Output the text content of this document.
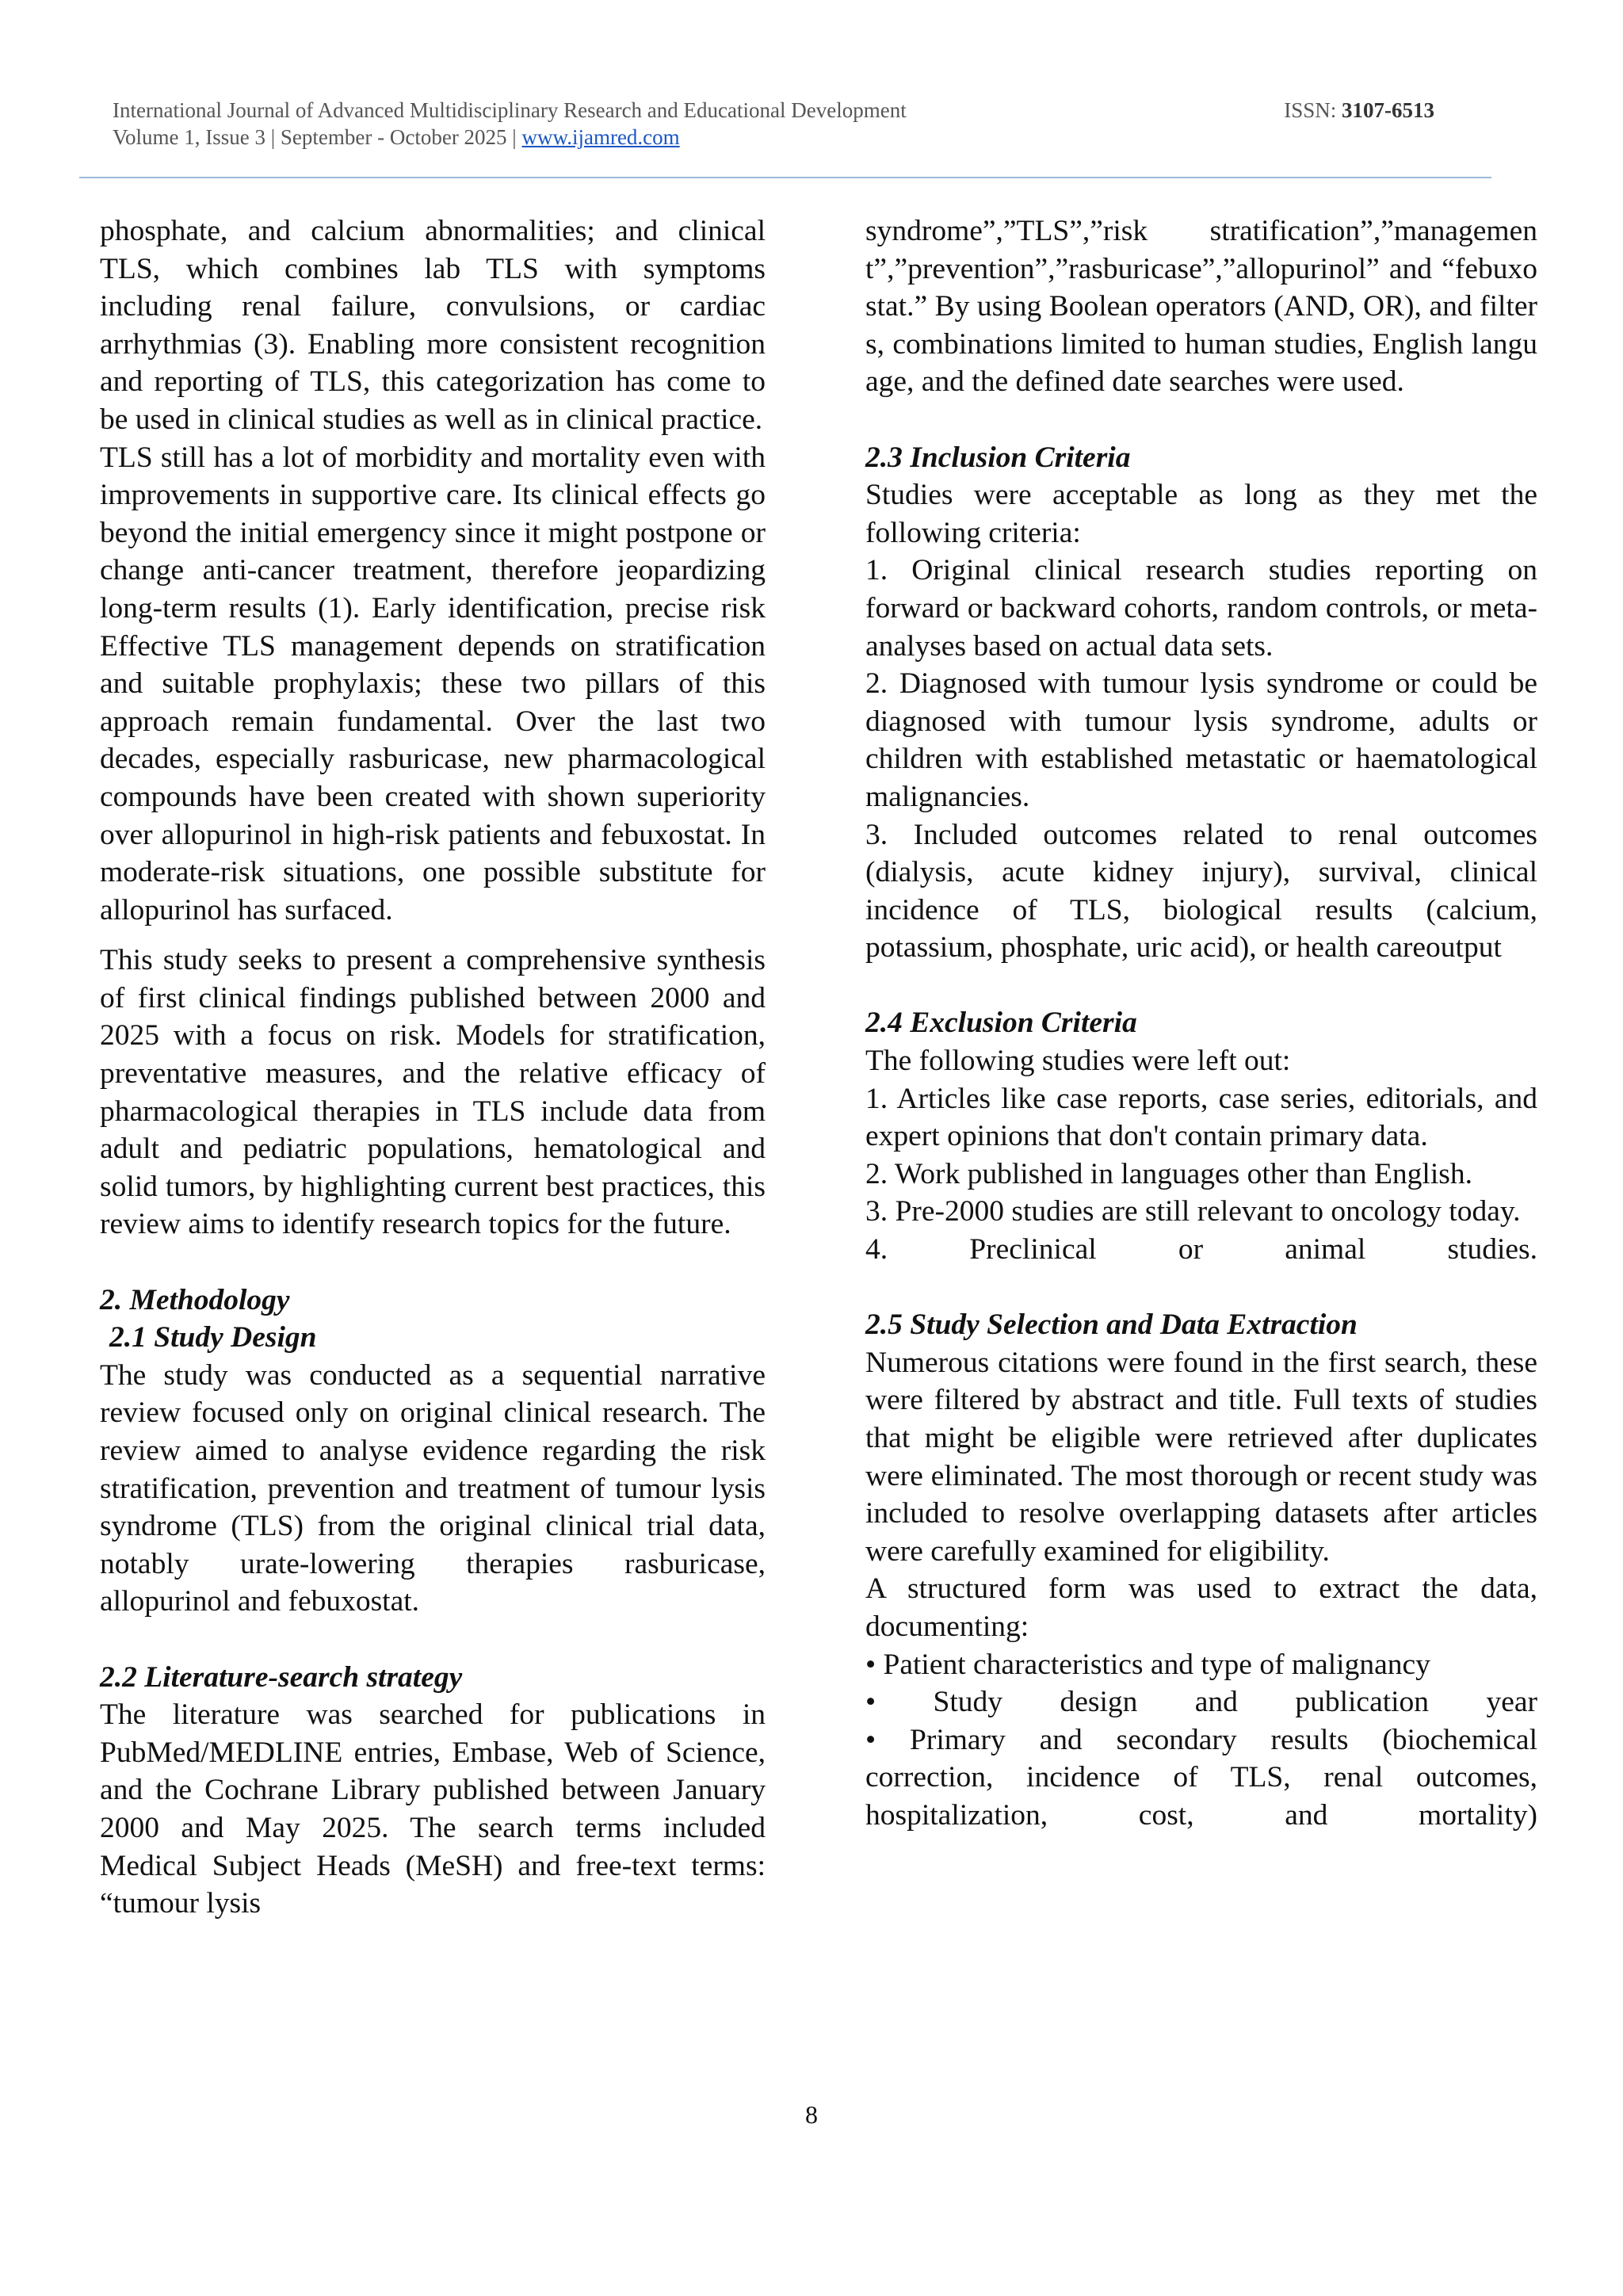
International Journal of Advanced Multidisciplinary Research and Educational Development	ISSN: 3107-6513
Volume 1, Issue 3 | September - October 2025 | www.ijamred.com

phosphate, and calcium abnormalities; and clinical TLS, which combines lab TLS with symptoms including renal failure, convulsions, or cardiac arrhythmias (3). Enabling more consistent recognition and reporting of TLS, this categorization has come to be used in clinical studies as well as in clinical practice.

TLS still has a lot of morbidity and mortality even with improvements in supportive care. Its clinical effects go beyond the initial emergency since it might postpone or change anti-cancer treatment, therefore jeopardizing long-term results (1). Early identification, precise risk Effective TLS management depends on stratification and suitable prophylaxis; these two pillars of this approach remain fundamental. Over the last two decades, especially rasburicase, new pharmacological compounds have been created with shown superiority over allopurinol in high-risk patients and febuxostat. In moderate-risk situations, one possible substitute for allopurinol has surfaced.

This study seeks to present a comprehensive synthesis of first clinical findings published between 2000 and 2025 with a focus on risk. Models for stratification, preventative measures, and the relative efficacy of pharmacological therapies in TLS include data from adult and pediatric populations, hematological and solid tumors, by highlighting current best practices, this review aims to identify research topics for the future.

2. Methodology
2.1 Study Design

The study was conducted as a sequential narrative review focused only on original clinical research. The review aimed to analyse evidence regarding the risk stratification, prevention and treatment of tumour lysis syndrome (TLS) from the original clinical trial data, notably urate-lowering therapies rasburicase, allopurinol and febuxostat.

2.2 Literature-search strategy

The literature was searched for publications in PubMed/MEDLINE entries, Embase, Web of Science, and the Cochrane Library published between January 2000 and May 2025. The search terms included Medical Subject Heads (MeSH) and free-text terms: “tumour lysis

syndrome”,”TLS”,”risk stratification”,”management”,”prevention”,”rasburicase”,”allopurinol” and “febuxostat.” By using Boolean operators (AND, OR), and filters, combinations limited to human studies, English language, and the defined date searches were used.

2.3 Inclusion Criteria

Studies were acceptable as long as they met the following criteria:

1. Original clinical research studies reporting on forward or backward cohorts, random controls, or meta-analyses based on actual data sets.

2. Diagnosed with tumour lysis syndrome or could be diagnosed with tumour lysis syndrome, adults or children with established metastatic or haematological malignancies.

3. Included outcomes related to renal outcomes (dialysis, acute kidney injury), survival, clinical incidence of TLS, biological results (calcium, potassium, phosphate, uric acid), or health careoutput

2.4 Exclusion Criteria

The following studies were left out:

1. Articles like case reports, case series, editorials, and expert opinions that don't contain primary data.

2. Work published in languages other than English.

3. Pre-2000 studies are still relevant to oncology today.

4. Preclinical or animal studies.

2.5 Study Selection and Data Extraction

Numerous citations were found in the first search, these were filtered by abstract and title. Full texts of studies that might be eligible were retrieved after duplicates were eliminated. The most thorough or recent study was included to resolve overlapping datasets after articles were carefully examined for eligibility.

A structured form was used to extract the data, documenting:

• Patient characteristics and type of malignancy

• Study design and publication year

• Primary and secondary results (biochemical correction, incidence of TLS, renal outcomes, hospitalization, cost, and mortality)

8
